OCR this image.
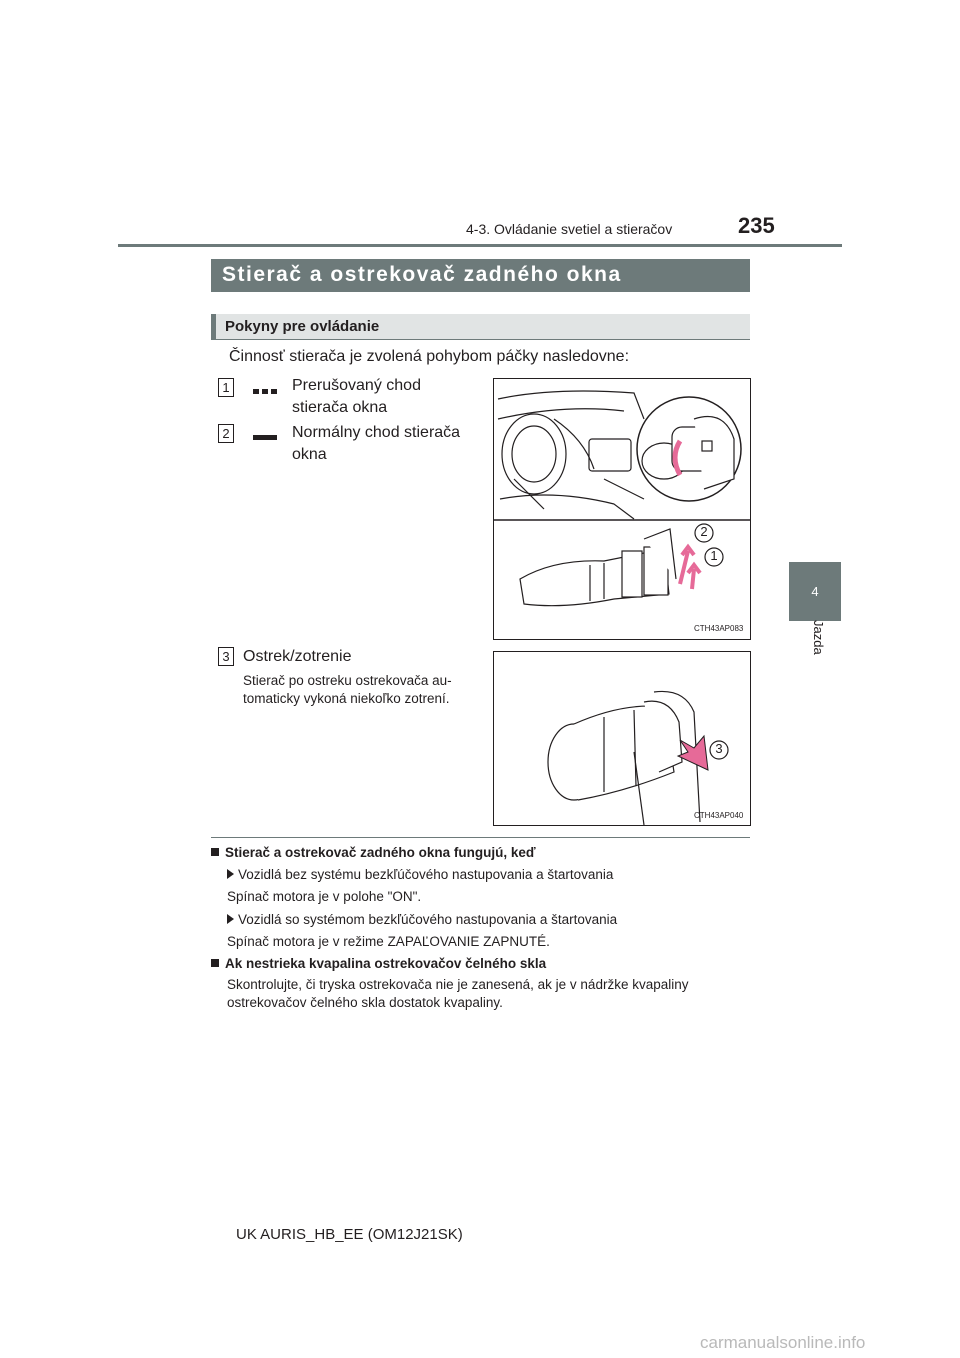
4-3. Ovládanie svetiel a stieračov	235
4
Jazda
Stierač a ostrekovač zadného okna
Pokyny pre ovládanie
Činnosť stierača je zvolená pohybom páčky nasledovne:
1	Prerušovaný chod
stierača okna
2	Normálny chod stierača
okna
2
1
CTH43AP083
3 Ostrek/zotrenie
Stierač po ostreku ostrekovača au-
tomaticky vykoná niekoľko zotrení.
3
CTH43AP040
Stierač a ostrekovač zadného okna fungujú, keď
Vozidlá bez systému bezkľúčového nastupovania a štartovania
Spínač motora je v polohe "ON".
Vozidlá so systémom bezkľúčového nastupovania a štartovania
Spínač motora je v režime ZAPAĽOVANIE ZAPNUTÉ.
Ak nestrieka kvapalina ostrekovačov čelného skla
Skontrolujte, či tryska ostrekovača nie je zanesená, ak je v nádržke kvapaliny
ostrekovačov čelného skla dostatok kvapaliny.
UK AURIS_HB_EE (OM12J21SK)
carmanualsonline.info
